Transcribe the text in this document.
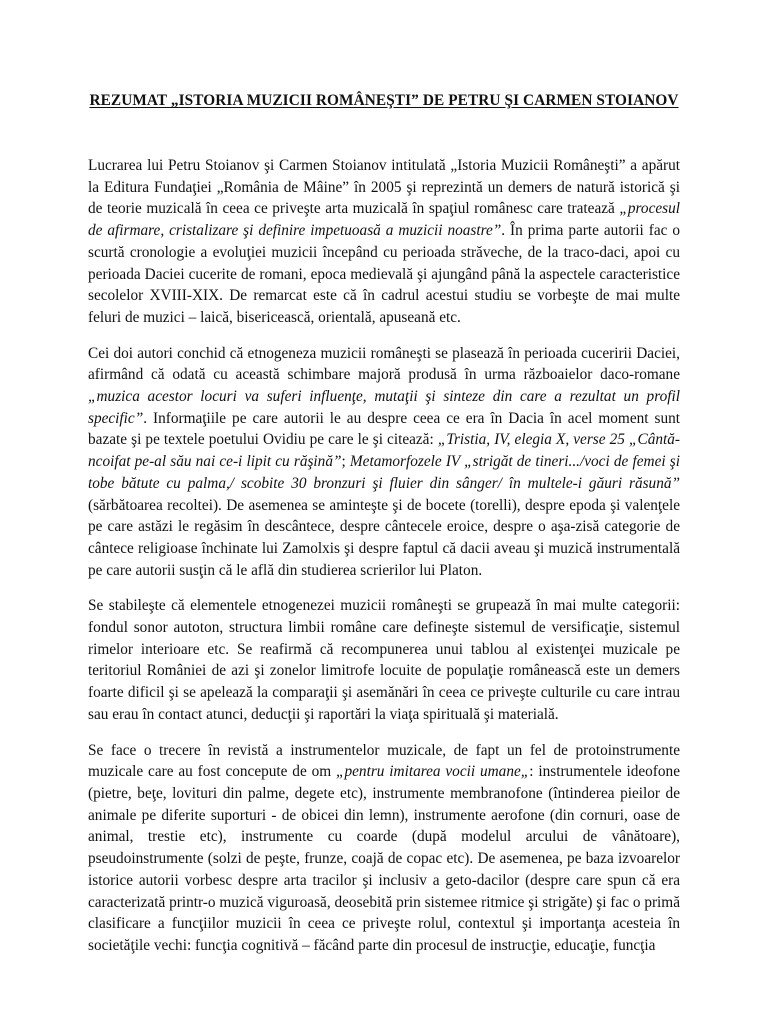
REZUMAT „ISTORIA MUZICII ROMÂNEŞTI” DE PETRU ŞI CARMEN STOIANOV

Lucrarea lui Petru Stoianov şi Carmen Stoianov intitulată „Istoria Muzicii Româneşti” a apărut la Editura Fundaţiei „România de Mâine” în 2005 şi reprezintă un demers de natură istorică şi de teorie muzicală în ceea ce priveşte arta muzicală în spaţiul românesc care tratează „procesul de afirmare, cristalizare şi definire impetuoasă a muzicii noastre”. În prima parte autorii fac o scurtă cronologie a evoluţiei muzicii începând cu perioada străveche, de la traco-daci, apoi cu perioada Daciei cucerite de romani, epoca medievală şi ajungând până la aspectele caracteristice secolelor XVIII-XIX. De remarcat este că în cadrul acestui studiu se vorbeşte de mai multe feluri de muzici – laică, bisericească, orientală, apuseană etc.

Cei doi autori conchid că etnogeneza muzicii româneşti se plasează în perioada cuceririi Daciei, afirmând că odată cu această schimbare majoră produsă în urma războaielor daco-romane „muzica acestor locuri va suferi influenţe, mutaţii şi sinteze din care a rezultat un profil specific”. Informaţiile pe care autorii le au despre ceea ce era în Dacia în acel moment sunt bazate şi pe textele poetului Ovidiu pe care le şi citează: „Tristia, IV, elegia X, verse 25 „Cântă-ncoifat pe-al său nai ce-i lipit cu răşină”; Metamorfozele IV „strigăt de tineri.../voci de femei şi tobe bătute cu palma,/ scobite 30 bronzuri şi fluier din sânger/ în multele-i găuri răsună” (sărbătoarea recoltei). De asemenea se aminteşte şi de bocete (torelli), despre epoda şi valenţele pe care astăzi le regăsim în descântece, despre cântecele eroice, despre o aşa-zisă categorie de cântece religioase închinate lui Zamolxis şi despre faptul că dacii aveau şi muzică instrumentală pe care autorii susţin că le află din studierea scrierilor lui Platon.

Se stabileşte că elementele etnogenezei muzicii româneşti se grupează în mai multe categorii: fondul sonor autoton, structura limbii române care defineşte sistemul de versificaţie, sistemul rimelor interioare etc. Se reafirmă că recompunerea unui tablou al existenţei muzicale pe teritoriul României de azi şi zonelor limitrofe locuite de populaţie românească este un demers foarte dificil şi se apelează la comparaţii şi asemănări în ceea ce priveşte culturile cu care intrau sau erau în contact atunci, deducţii şi raportări la viaţa spirituală şi materială.

Se face o trecere în revistă a instrumentelor muzicale, de fapt un fel de protoinstrumente muzicale care au fost concepute de om „pentru imitarea vocii umane„: instrumentele ideofone (pietre, beţe, lovituri din palme, degete etc), instrumente membranofone (întinderea pieilor de animale pe diferite suporturi - de obicei din lemn), instrumente aerofone (din cornuri, oase de animal, trestie etc), instrumente cu coarde (după modelul arcului de vânătoare), pseudoinstrumente (solzi de peşte, frunze, coajă de copac etc). De asemenea, pe baza izvoarelor istorice autorii vorbesc despre arta tracilor şi inclusiv a geto-dacilor (despre care spun că era caracterizată printr-o muzică viguroasă, deosebită prin sistemee ritmice şi strigăte) şi fac o primă clasificare a funcţiilor muzicii în ceea ce priveşte rolul, contextul şi importanţa acesteia în societăţile vechi: funcţia cognitivă – făcând parte din procesul de instrucţie, educaţie, funcţia
